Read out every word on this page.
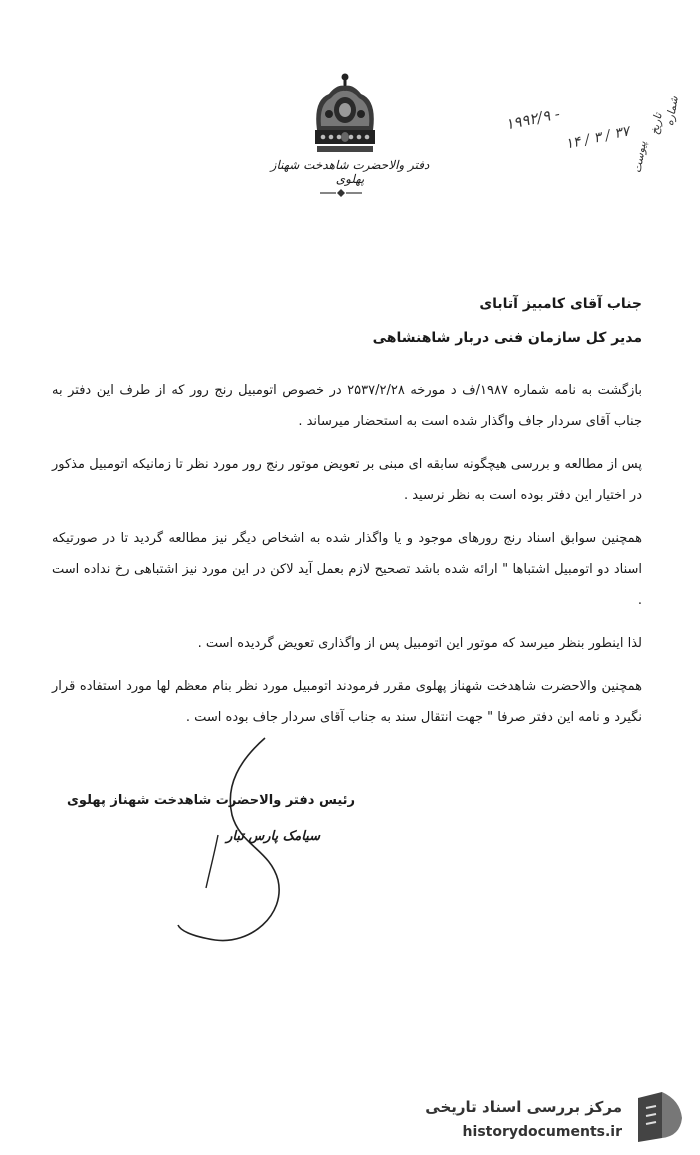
دفتر والاحضرت شاهدخت شهناز پهلوی
شماره
تاریخ
پیوست
۱۹۹۲/۹ -
۱۴ / ۳ / ۳۷
جناب آقای کامبیز آتابای
مدیر کل سازمان فنی دربار شاهنشاهی

بازگشت به نامه شماره ۱۹۸۷/ف د مورخه ۲۵۳۷/۲/۲۸ در خصوص اتومبیل رنج رور که از طرف این دفتر به جناب آقای سردار جاف واگذار شده است به استحضار میرساند .

پس از مطالعه و بررسی هیچگونه سابقه ای مبنی بر تعویض موتور رنج رور مورد نظر تا زمانیکه اتومبیل مذکور در اختیار این دفتر بوده است به نظر نرسید .

همچنین سوابق اسناد رنج رورهای موجود و یا واگذار شده به اشخاص دیگر نیز مطالعه گردید تا در صورتیکه اسناد دو اتومبیل اشتباها " ارائه شده باشد تصحیح لازم بعمل آید لاکن در این مورد نیز اشتباهی رخ نداده است .

لذا اینطور بنظر میرسد که موتور این اتومبیل پس از واگذاری تعویض گردیده است .

همچنین والاحضرت شاهدخت شهناز پهلوی مقرر فرمودند اتومبیل مورد نظر بنام معظم لها مورد استفاده قرار نگیرد و نامه این دفتر صرفا " جهت انتقال سند به جناب آقای سردار جاف بوده است .

رئیس دفتر والاحضرت شاهدخت شهناز پهلوی
سیامک پارس تبار
مرکز بررسی اسناد تاریخی
historydocuments.ir
